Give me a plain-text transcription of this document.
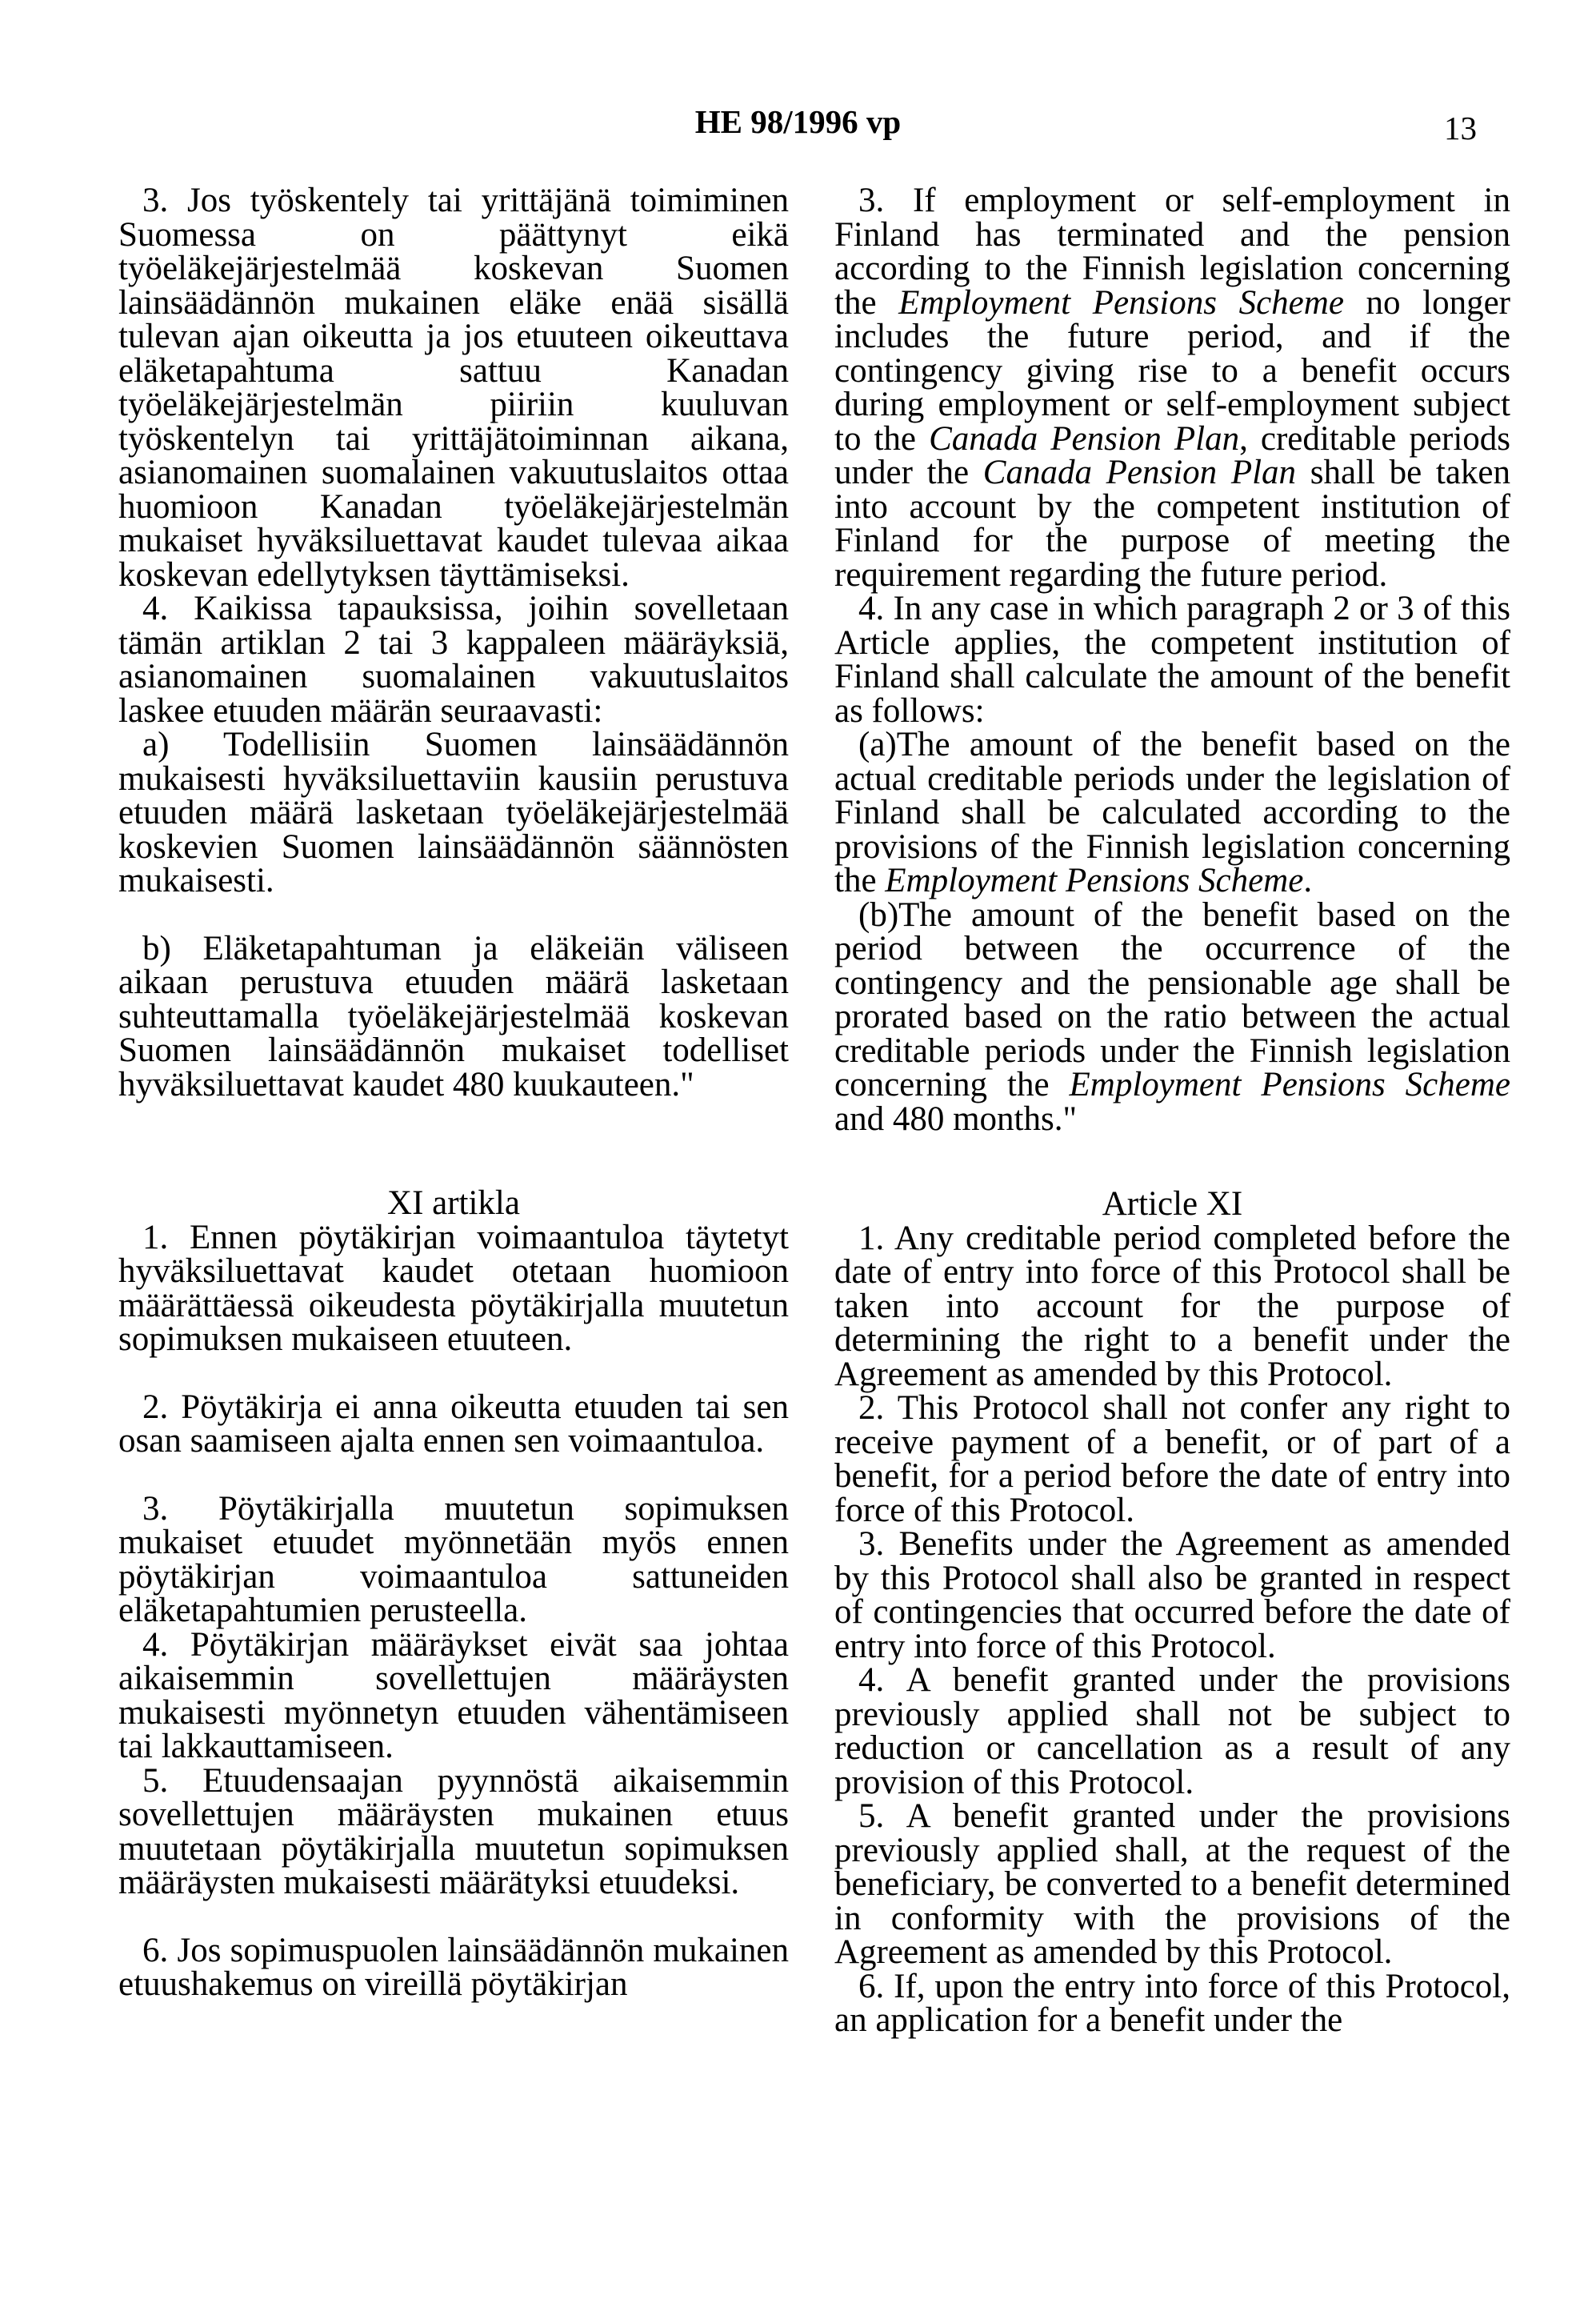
HE 98/1996 vp	13

3. Jos työskentely tai yrittäjänä toimiminen Suomessa on päättynyt eikä työeläkejärjestelmää koskevan Suomen lainsäädännön mukainen eläke enää sisällä tulevan ajan oikeutta ja jos etuuteen oikeuttava eläketapahtuma sattuu Kanadan työeläkejärjestelmän piiriin kuuluvan työskentelyn tai yrittäjätoiminnan aikana, asianomainen suomalainen vakuutuslaitos ottaa huomioon Kanadan työeläkejärjestelmän mukaiset hyväksiluettavat kaudet tulevaa aikaa koskevan edellytyksen täyttämiseksi.

4. Kaikissa tapauksissa, joihin sovelletaan tämän artiklan 2 tai 3 kappaleen määräyksiä, asianomainen suomalainen vakuutuslaitos laskee etuuden määrän seuraavasti:

a) Todellisiin Suomen lainsäädännön mukaisesti hyväksiluettaviin kausiin perustuva etuuden määrä lasketaan työeläkejärjestelmää koskevien Suomen lainsäädännön säännösten mukaisesti.

b) Eläketapahtuman ja eläkeiän väliseen aikaan perustuva etuuden määrä lasketaan suhteuttamalla työeläkejärjestelmää koskevan Suomen lainsäädännön mukaiset todelliset hyväksiluettavat kaudet 480 kuukauteen."

XI artikla

1. Ennen pöytäkirjan voimaantuloa täytetyt hyväksiluettavat kaudet otetaan huomioon määrättäessä oikeudesta pöytäkirjalla muutetun sopimuksen mukaiseen etuuteen.

2. Pöytäkirja ei anna oikeutta etuuden tai sen osan saamiseen ajalta ennen sen voimaantuloa.

3. Pöytäkirjalla muutetun sopimuksen mukaiset etuudet myönnetään myös ennen pöytäkirjan voimaantuloa sattuneiden eläketapahtumien perusteella.

4. Pöytäkirjan määräykset eivät saa johtaa aikaisemmin sovellettujen määräysten mukaisesti myönnetyn etuuden vähentämiseen tai lakkauttamiseen.

5. Etuudensaajan pyynnöstä aikaisemmin sovellettujen määräysten mukainen etuus muutetaan pöytäkirjalla muutetun sopimuksen määräysten mukaisesti määrätyksi etuudeksi.

6. Jos sopimuspuolen lainsäädännön mukainen etuushakemus on vireillä pöytäkirjan

3. If employment or self-employment in Finland has terminated and the pension according to the Finnish legislation concerning the Employment Pensions Scheme no longer includes the future period, and if the contingency giving rise to a benefit occurs during employment or self-employment subject to the Canada Pension Plan, creditable periods under the Canada Pension Plan shall be taken into account by the competent institution of Finland for the purpose of meeting the requirement regarding the future period.

4. In any case in which paragraph 2 or 3 of this Article applies, the competent institution of Finland shall calculate the amount of the benefit as follows:

(a)The amount of the benefit based on the actual creditable periods under the legislation of Finland shall be calculated according to the provisions of the Finnish legislation concerning the Employment Pensions Scheme.

(b)The amount of the benefit based on the period between the occurrence of the contingency and the pensionable age shall be prorated based on the ratio between the actual creditable periods under the Finnish legislation concerning the Employment Pensions Scheme and 480 months."

Article XI

1. Any creditable period completed before the date of entry into force of this Protocol shall be taken into account for the purpose of determining the right to a benefit under the Agreement as amended by this Protocol.

2. This Protocol shall not confer any right to receive payment of a benefit, or of part of a benefit, for a period before the date of entry into force of this Protocol.

3. Benefits under the Agreement as amended by this Protocol shall also be granted in respect of contingencies that occurred before the date of entry into force of this Protocol.

4. A benefit granted under the provisions previously applied shall not be subject to reduction or cancellation as a result of any provision of this Protocol.

5. A benefit granted under the provisions previously applied shall, at the request of the beneficiary, be converted to a benefit determined in conformity with the provisions of the Agreement as amended by this Protocol.

6. If, upon the entry into force of this Protocol, an application for a benefit under the
